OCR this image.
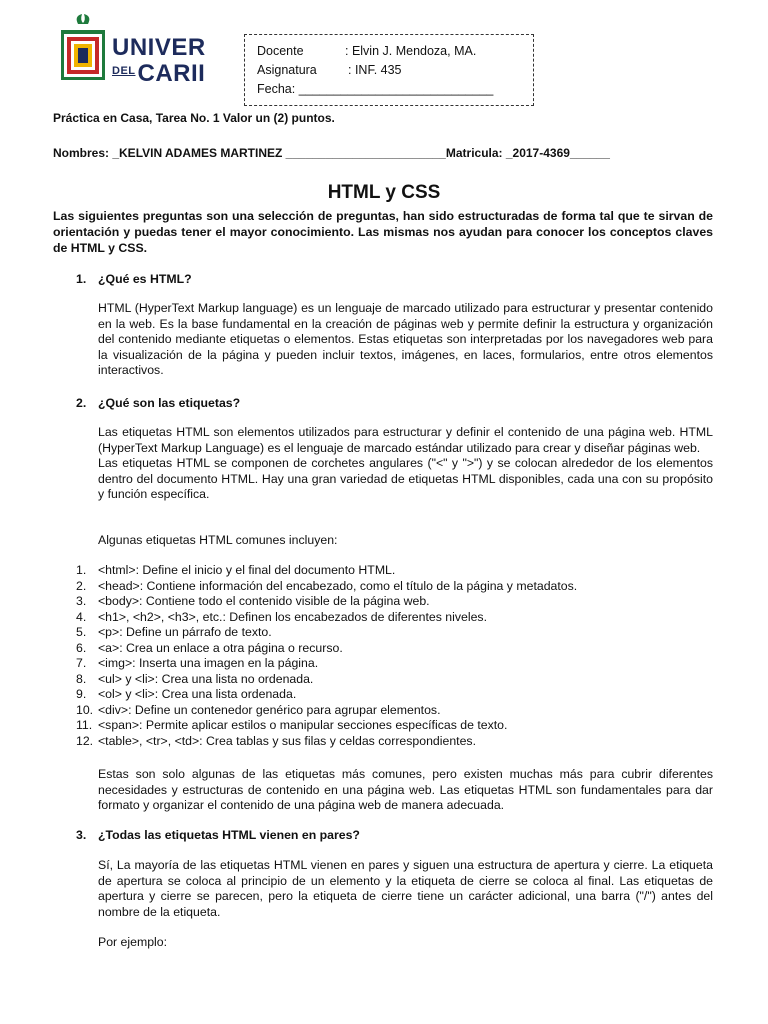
UNIVER
$^{DEL}$CARII
Docente	: Elvin J. Mendoza, MA.
Asignatura : INF. 435
Fecha: ____________________________
Práctica en Casa, Tarea No. 1 Valor un (2) puntos.
Nombres: _KELVIN ADAMES MARTINEZ ________________________Matricula: _2017-4369______
HTML y CSS
Las siguientes preguntas son una selección de preguntas, han sido estructuradas de forma tal que te sirvan de orientación y puedas tener el mayor conocimiento. Las mismas nos ayudan para conocer los conceptos claves de HTML y CSS.
1. ¿Qué es HTML?
HTML (HyperText Markup language) es un lenguaje de marcado utilizado para estructurar y presentar contenido en la web. Es la base fundamental en la creación de páginas web y permite definir la estructura y organización del contenido mediante etiquetas o elementos. Estas etiquetas son interpretadas por los navegadores web para la visualización de la página y pueden incluir textos, imágenes, en laces, formularios, entre otros elementos interactivos.
2. ¿Qué son las etiquetas?

Las etiquetas HTML son elementos utilizados para estructurar y definir el contenido de una página web. HTML (HyperText Markup Language) es el lenguaje de marcado estándar utilizado para crear y diseñar páginas web.

Las etiquetas HTML se componen de corchetes angulares ("<" y ">") y se colocan alrededor de los elementos dentro del documento HTML. Hay una gran variedad de etiquetas HTML disponibles, cada una con su propósito y función específica.

Algunas etiquetas HTML comunes incluyen:
1. <html>: Define el inicio y el final del documento HTML.
2. <head>: Contiene información del encabezado, como el título de la página y metadatos.
3. <body>: Contiene todo el contenido visible de la página web.
4. <h1>, <h2>, <h3>, etc.: Definen los encabezados de diferentes niveles.
5. <p>: Define un párrafo de texto.
6. <a>: Crea un enlace a otra página o recurso.
7. <img>: Inserta una imagen en la página.
8. <ul> y <li>: Crea una lista no ordenada.
9. <ol> y <li>: Crea una lista ordenada.
10. <div>: Define un contenedor genérico para agrupar elementos.
11. <span>: Permite aplicar estilos o manipular secciones específicas de texto.
12. <table>, <tr>, <td>: Crea tablas y sus filas y celdas correspondientes.
Estas son solo algunas de las etiquetas más comunes, pero existen muchas más para cubrir diferentes necesidades y estructuras de contenido en una página web. Las etiquetas HTML son fundamentales para dar formato y organizar el contenido de una página web de manera adecuada.
3. ¿Todas las etiquetas HTML vienen en pares?
Sí, La mayoría de las etiquetas HTML vienen en pares y siguen una estructura de apertura y cierre. La etiqueta de apertura se coloca al principio de un elemento y la etiqueta de cierre se coloca al final. Las etiquetas de apertura y cierre se parecen, pero la etiqueta de cierre tiene un carácter adicional, una barra ("/") antes del nombre de la etiqueta.
Por ejemplo:
